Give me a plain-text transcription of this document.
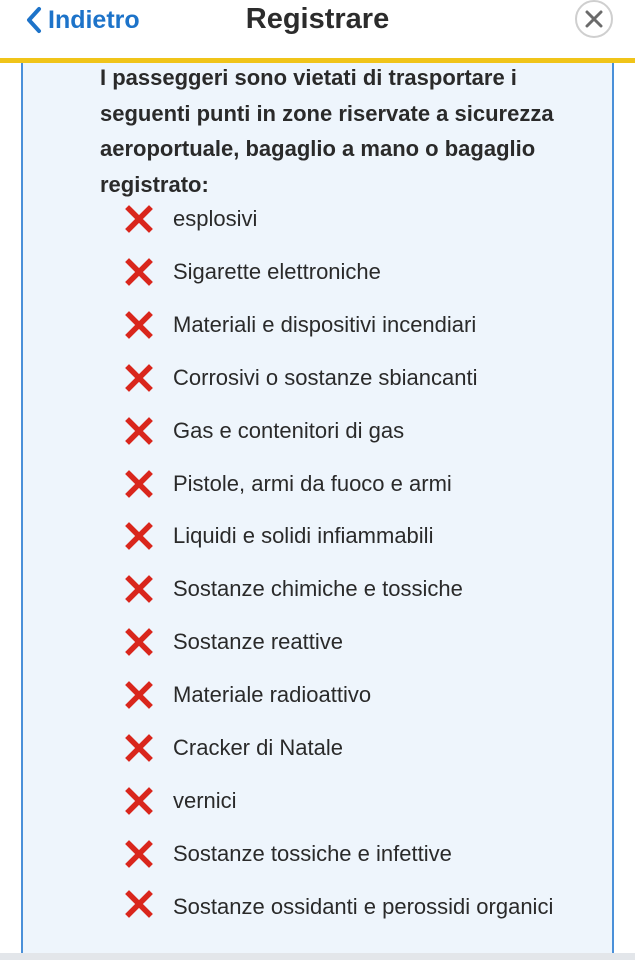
Indietro	Registrare
I passeggeri sono vietati di trasportare i seguenti punti in zone riservate a sicurezza aeroportuale, bagaglio a mano o bagaglio registrato:
esplosivi
Sigarette elettroniche
Materiali e dispositivi incendiari
Corrosivi o sostanze sbiancanti
Gas e contenitori di gas
Pistole, armi da fuoco e armi
Liquidi e solidi infiammabili
Sostanze chimiche e tossiche
Sostanze reattive
Materiale radioattivo
Cracker di Natale
vernici
Sostanze tossiche e infettive
Sostanze ossidanti e perossidi organici
